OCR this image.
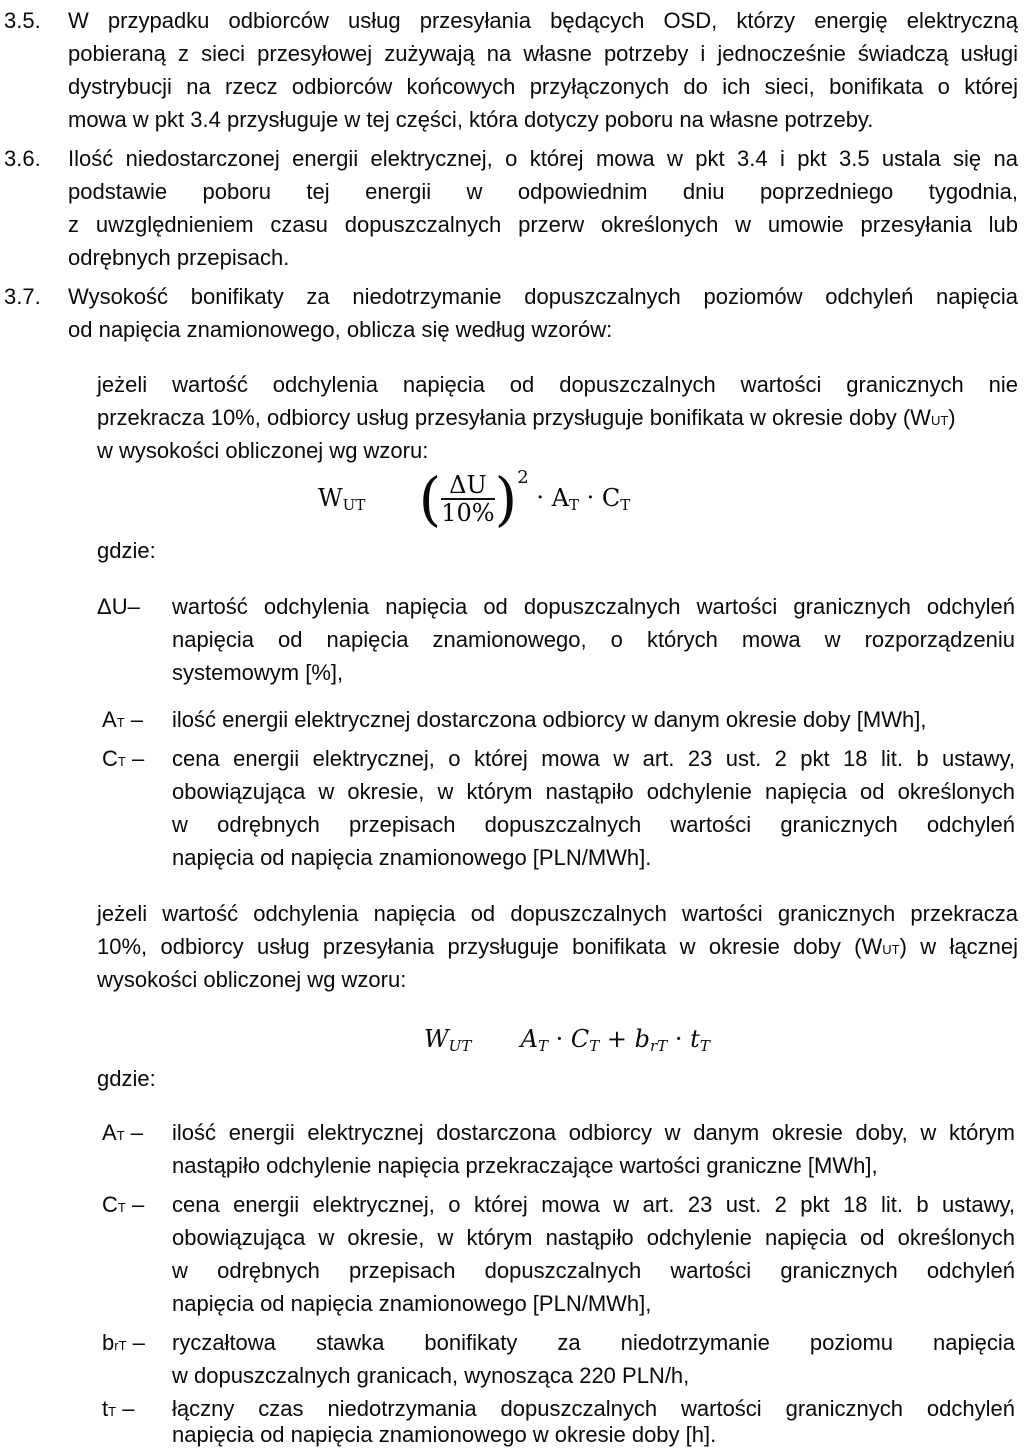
3.5. W przypadku odbiorców usług przesyłania będących OSD, którzy energię elektryczną
pobieraną z sieci przesyłowej zużywają na własne potrzeby i jednocześnie świadczą usługi
dystrybucji na rzecz odbiorców końcowych przyłączonych do ich sieci, bonifikata o której
mowa w pkt 3.4 przysługuje w tej części, która dotyczy poboru na własne potrzeby.
3.6. Ilość niedostarczonej energii elektrycznej, o której mowa w pkt 3.4 i pkt 3.5 ustala się na
podstawie poboru tej energii w odpowiednim dniu poprzedniego tygodnia,
z uwzględnieniem czasu dopuszczalnych przerw określonych w umowie przesyłania lub
odrębnych przepisach.
3.7. Wysokość bonifikaty za niedotrzymanie dopuszczalnych poziomów odchyleń napięcia
od napięcia znamionowego, oblicza się według wzorów:
jeżeli wartość odchylenia napięcia od dopuszczalnych wartości granicznych nie
przekracza 10%, odbiorcy usług przesyłania przysługuje bonifikata w okresie doby (WUT)
w wysokości obliczonej wg wzoru:
$W_{UT}$ ( $\frac{\Delta U}{10\%} )^2 \cdot A_T \cdot C_T$
gdzie:
ΔU– wartość odchylenia napięcia od dopuszczalnych wartości granicznych odchyleń
napięcia od napięcia znamionowego, o których mowa w rozporządzeniu
systemowym [%],
AT – ilość energii elektrycznej dostarczona odbiorcy w danym okresie doby [MWh],
CT – cena energii elektrycznej, o której mowa w art. 23 ust. 2 pkt 18 lit. b ustawy,
obowiązująca w okresie, w którym nastąpiło odchylenie napięcia od określonych
w odrębnych przepisach dopuszczalnych wartości granicznych odchyleń
napięcia od napięcia znamionowego [PLN/MWh].
jeżeli wartość odchylenia napięcia od dopuszczalnych wartości granicznych przekracza
10%, odbiorcy usług przesyłania przysługuje bonifikata w okresie doby (WUT) w łącznej
wysokości obliczonej wg wzoru:
$W_{UT}$ $A_T \cdot C_T + b_{rT} \cdot t_T$
gdzie:
AT – ilość energii elektrycznej dostarczona odbiorcy w danym okresie doby, w którym
nastąpiło odchylenie napięcia przekraczające wartości graniczne [MWh],
CT – cena energii elektrycznej, o której mowa w art. 23 ust. 2 pkt 18 lit. b ustawy,
obowiązująca w okresie, w którym nastąpiło odchylenie napięcia od określonych
w odrębnych przepisach dopuszczalnych wartości granicznych odchyleń
napięcia od napięcia znamionowego [PLN/MWh],
brT – ryczałtowa stawka bonifikaty za niedotrzymanie poziomu napięcia
w dopuszczalnych granicach, wynosząca 220 PLN/h,
tT – łączny czas niedotrzymania dopuszczalnych wartości granicznych odchyleń
napięcia od napięcia znamionowego w okresie doby [h].
